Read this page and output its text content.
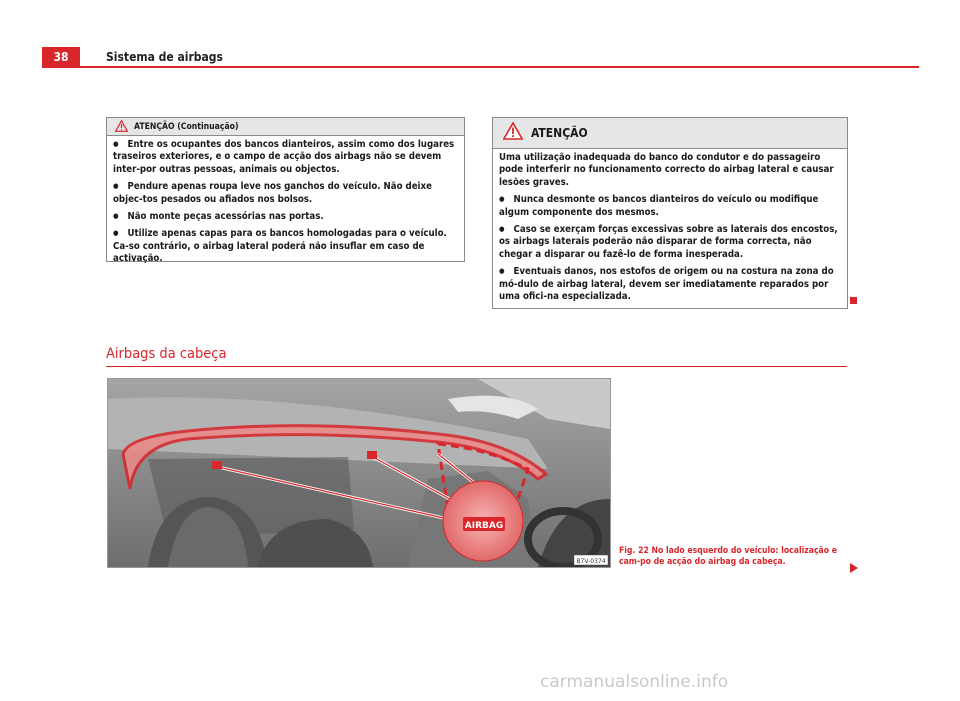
38	Sistema de airbags
ATENÇÃO (Continuação)

● Entre os ocupantes dos bancos dianteiros, assim como dos lugares traseiros exteriores, e o campo de acção dos airbags não se devem inter-por outras pessoas, animais ou objectos.

● Pendure apenas roupa leve nos ganchos do veículo. Não deixe objec-tos pesados ou afiados nos bolsos.

● Não monte peças acessórias nas portas.

● Utilize apenas capas para os bancos homologadas para o veículo. Ca-so contrário, o airbag lateral poderá não insuflar em caso de activação.

ATENÇÃO

Uma utilização inadequada do banco do condutor e do passageiro pode interferir no funcionamento correcto do airbag lateral e causar lesões graves.

● Nunca desmonte os bancos dianteiros do veículo ou modifique algum componente dos mesmos.

● Caso se exerçam forças excessivas sobre as laterais dos encostos, os airbags laterais poderão não disparar de forma correcta, não chegar a disparar ou fazê-lo de forma inesperada.

● Eventuais danos, nos estofos de origem ou na costura na zona do mó-dulo de airbag lateral, devem ser imediatamente reparados por uma ofici-na especializada.

Airbags da cabeça
AIRBAG
B7V-0374
Fig. 22 No lado esquerdo do veículo: localização e cam-po de acção do airbag da cabeça.
carmanualsonline.info
